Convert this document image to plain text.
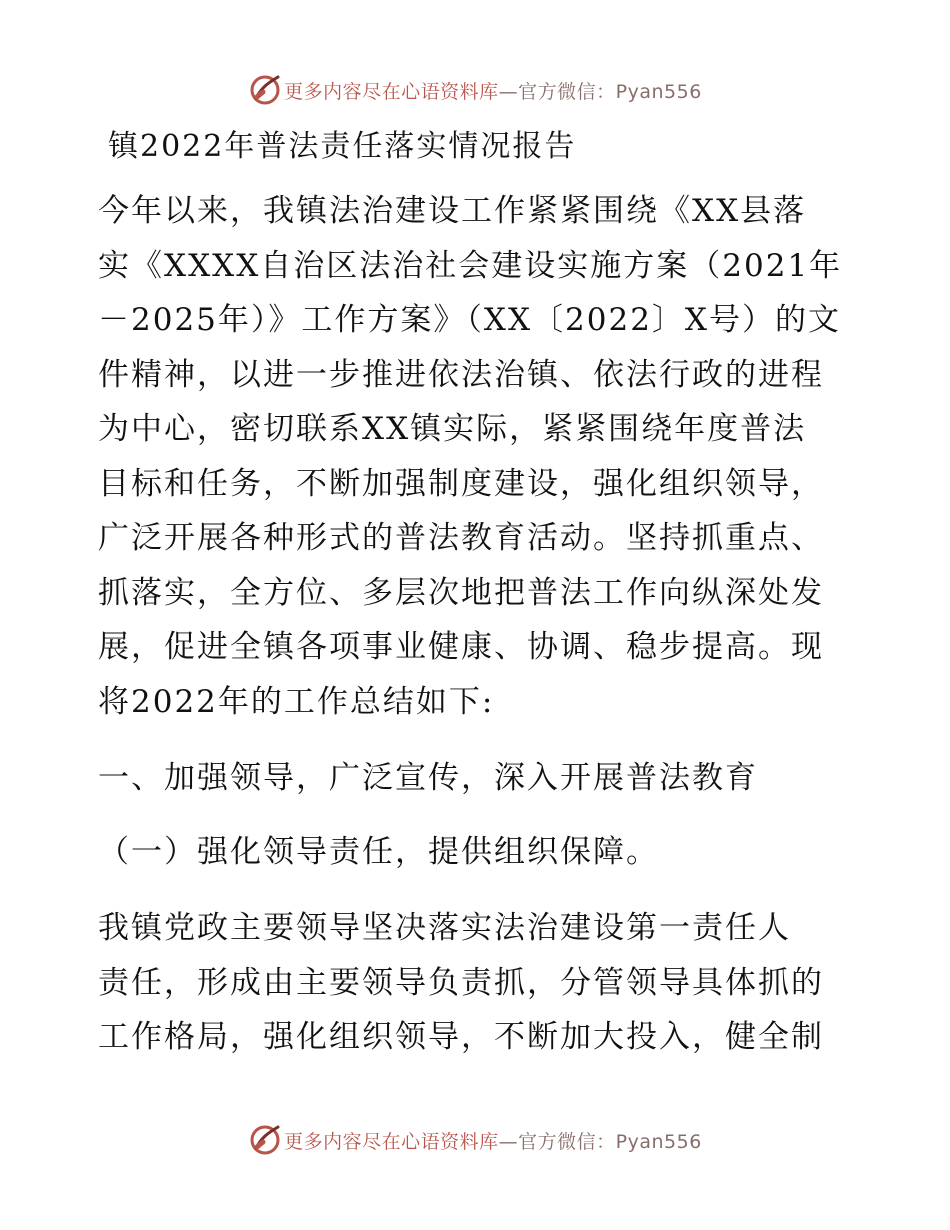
更多内容尽在心语资料库—官方微信：Pyan556
镇2022年普法责任落实情况报告
今年以来，我镇法治建设工作紧紧围绕《XX县落
实《XXXX自治区法治社会建设实施方案（2021年
－2025年）》工作方案》（XX〔2022〕X号）的文
件精神，以进一步推进依法治镇、依法行政的进程
为中心，密切联系XX镇实际，紧紧围绕年度普法
目标和任务，不断加强制度建设，强化组织领导，
广泛开展各种形式的普法教育活动。坚持抓重点、
抓落实，全方位、多层次地把普法工作向纵深处发
展，促进全镇各项事业健康、协调、稳步提高。现
将2022年的工作总结如下:
一、加强领导，广泛宣传，深入开展普法教育
（一）强化领导责任，提供组织保障。
我镇党政主要领导坚决落实法治建设第一责任人
责任，形成由主要领导负责抓，分管领导具体抓的
工作格局，强化组织领导，不断加大投入，健全制
更多内容尽在心语资料库—官方微信：Pyan556
